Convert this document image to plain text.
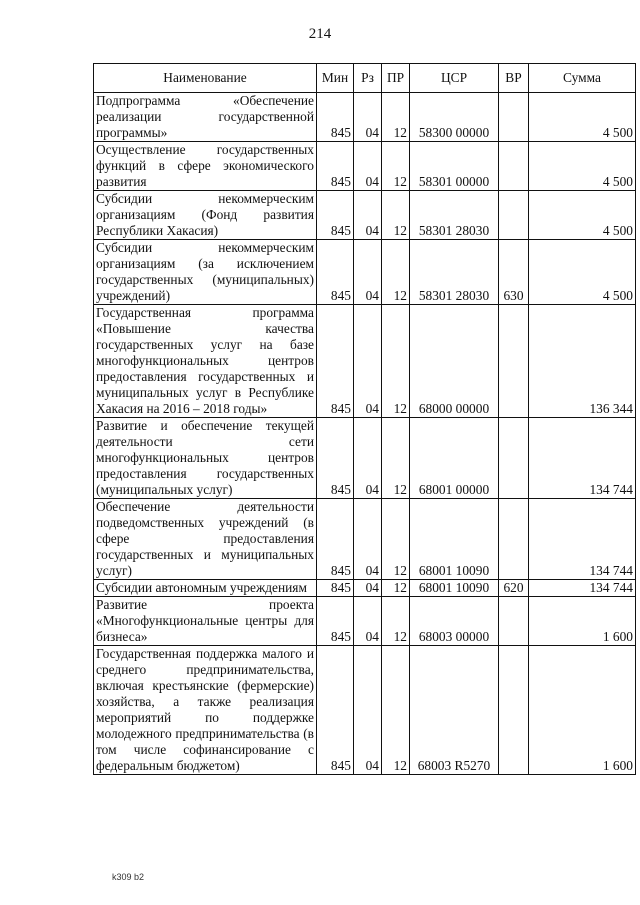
214
Наименование	Мин	Рз	ПР	ЦСР	ВР	Сумма
Подпрограмма «Обеспечение реализации государственной программы»	845	04	12	58300 00000		4 500
Осуществление государственных функций в сфере экономического развития	845	04	12	58301 00000		4 500
Субсидии некоммерческим организациям (Фонд развития Республики Хакасия)	845	04	12	58301 28030		4 500
Субсидии некоммерческим организациям (за исключением государственных (муниципальных) учреждений)	845	04	12	58301 28030	630	4 500
Государственная программа «Повышение качества государственных услуг на базе многофункциональных центров предоставления государственных и муниципальных услуг в Республике Хакасия на 2016 – 2018 годы»	845	04	12	68000 00000		136 344
Развитие и обеспечение текущей деятельности сети многофункциональных центров предоставления государственных (муниципальных услуг)	845	04	12	68001 00000		134 744
Обеспечение деятельности подведомственных учреждений (в сфере предоставления государственных и муниципальных услуг)	845	04	12	68001 10090		134 744
Субсидии автономным учреждениям	845	04	12	68001 10090	620	134 744
Развитие проекта «Многофункциональные центры для бизнеса»	845	04	12	68003 00000		1 600
Государственная поддержка малого и среднего предпринимательства, включая крестьянские (фермерские) хозяйства, а также реализация мероприятий по поддержке молодежного предпринимательства (в том числе софинансирование с федеральным бюджетом)	845	04	12	68003 R5270		1 600
k309 b2
